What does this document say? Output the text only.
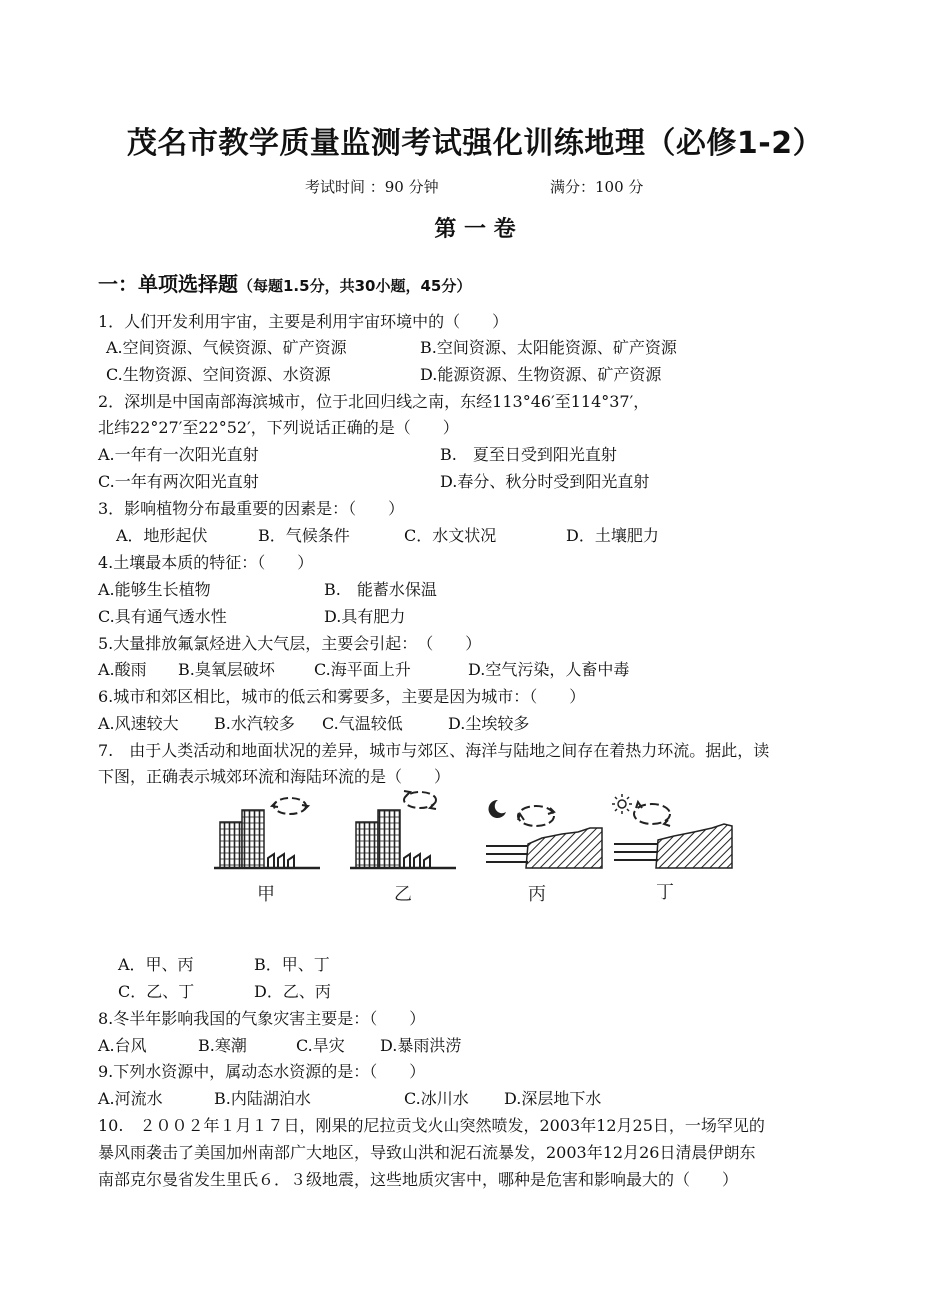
茂名市教学质量监测考试强化训练地理（必修1-2）
考试时间 ：90 分钟	满分：100 分
第 一 卷
一：单项选择题（每题1.5分，共30小题，45分）
1．人们开发利用宇宙，主要是利用宇宙环境中的（　　）
A.空间资源、气候资源、矿产资源	B.空间资源、太阳能资源、矿产资源
C.生物资源、空间资源、水资源	D.能源资源、生物资源、矿产资源
2．深圳是中国南部海滨城市，位于北回归线之南，东经113°46′至114°37′，
北纬22°27′至22°52′，下列说话正确的是（　　）
A.一年有一次阳光直射	B.　夏至日受到阳光直射
C.一年有两次阳光直射	D.春分、秋分时受到阳光直射
3．影响植物分布最重要的因素是：（　　）
A．地形起伏	B．气候条件	C．水文状况	D．土壤肥力
4.土壤最本质的特征：（　　）
A.能够生长植物	B.　能蓄水保温
C.具有通气透水性	D.具有肥力
5.大量排放氟氯烃进入大气层，主要会引起：　（　　）
A.酸雨 B.臭氧层破坏 C.海平面上升	D.空气污染，人畜中毒
6.城市和郊区相比，城市的低云和雾要多，主要是因为城市：（　　）
A.风速较大 B.水汽较多 C.气温较低	D.尘埃较多
7.　由于人类活动和地面状况的差异，城市与郊区、海洋与陆地之间存在着热力环流。据此，读
下图，正确表示城郊环流和海陆环流的是（　　）
甲	乙	丙	丁
A．甲、丙	B．甲、丁
C．乙、丁	D．乙、丙
8.冬半年影响我国的气象灾害主要是：（　　）
A.台风	B.寒潮	C.旱灾 D.暴雨洪涝
9.下列水资源中，属动态水资源的是：（　　）
A.河流水	B.内陆湖泊水	C.冰川水 D.深层地下水
10.　２００２年１月１７日，刚果的尼拉贡戈火山突然喷发，2003年12月25日，一场罕见的
暴风雨袭击了美国加州南部广大地区，导致山洪和泥石流暴发，2003年12月26日清晨伊朗东
南部克尔曼省发生里氏６．３级地震，这些地质灾害中，哪种是危害和影响最大的（　　）
